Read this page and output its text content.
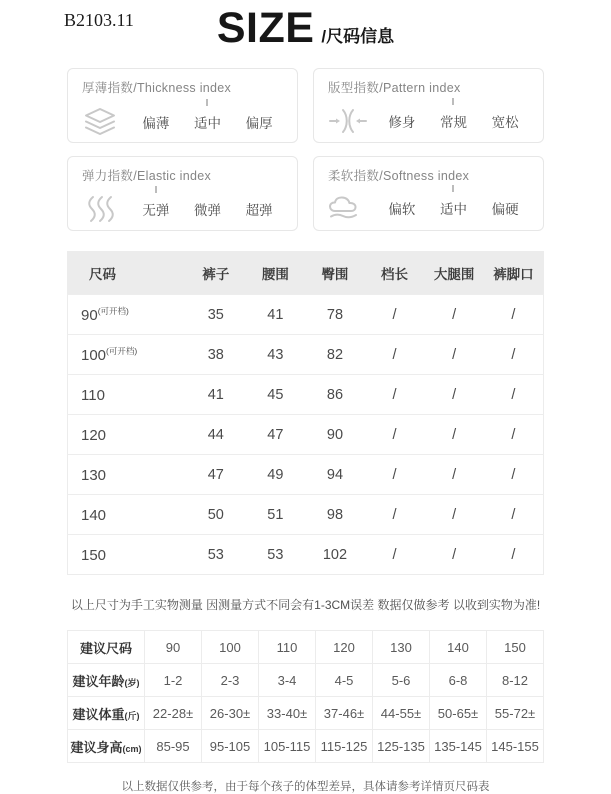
B2103.11 SIZE /尺码信息
厚薄指数/Thickness index
偏薄 适中 偏厚
版型指数/Pattern index
修身 常规 宽松
弹力指数/Elastic index
无弹 微弹 超弹
柔软指数/Softness index
偏软 适中 偏硬
尺码	裤子	腰围	臀围	档长	大腿围	裤脚口
$90^{(可开档)}$	35	41	78	/	/	/
$100^{(可开档)}$	38	43	82	/	/	/
110	41	45	86	/	/	/
120	44	47	90	/	/	/
130	47	49	94	/	/	/
140	50	51	98	/	/	/
150	53	53	102	/	/	/
以上尺寸为手工实物测量 因测量方式不同会有1-3CM误差 数据仅做参考 以收到实物为准!
建议尺码	90	100	110	120	130	140	150
建议年龄(岁)	1-2	2-3	3-4	4-5	5-6	6-8	8-12
建议体重(斤)	22-28±	26-30±	33-40±	37-46±	44-55±	50-65±	55-72±
建议身高(cm)	85-95	95-105	105-115	115-125	125-135	135-145	145-155
以上数据仅供参考，由于每个孩子的体型差异，具体请参考详情页尺码表
